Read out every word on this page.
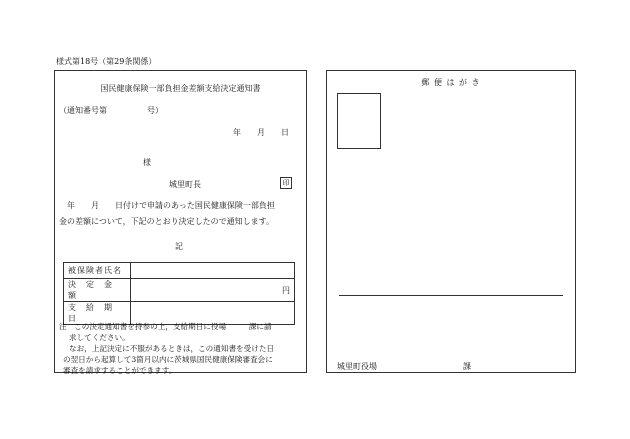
様式第18号（第29条関係）
国民健康保険一部負担金差額支給決定通知書
（通知番号第　　　　　号）
年　　月　　日
様
城里町長	印
年　　月　　日付けで申請のあった国民健康保険一部負担
金の差額について，下記のとおり決定したので通知します。
記
被保険者氏名	
決　定　金　額	円
支　給　期　日	
注　この決定通知書を持参の上，支給期日に役場　　　課に請
求してください。
なお，上記決定に不服があるときは，この通知書を受けた日
の翌日から起算して3箇月以内に茨城県国民健康保険審査会に
審査を請求することができます。
郵 便 は が き
城里町役場	課
